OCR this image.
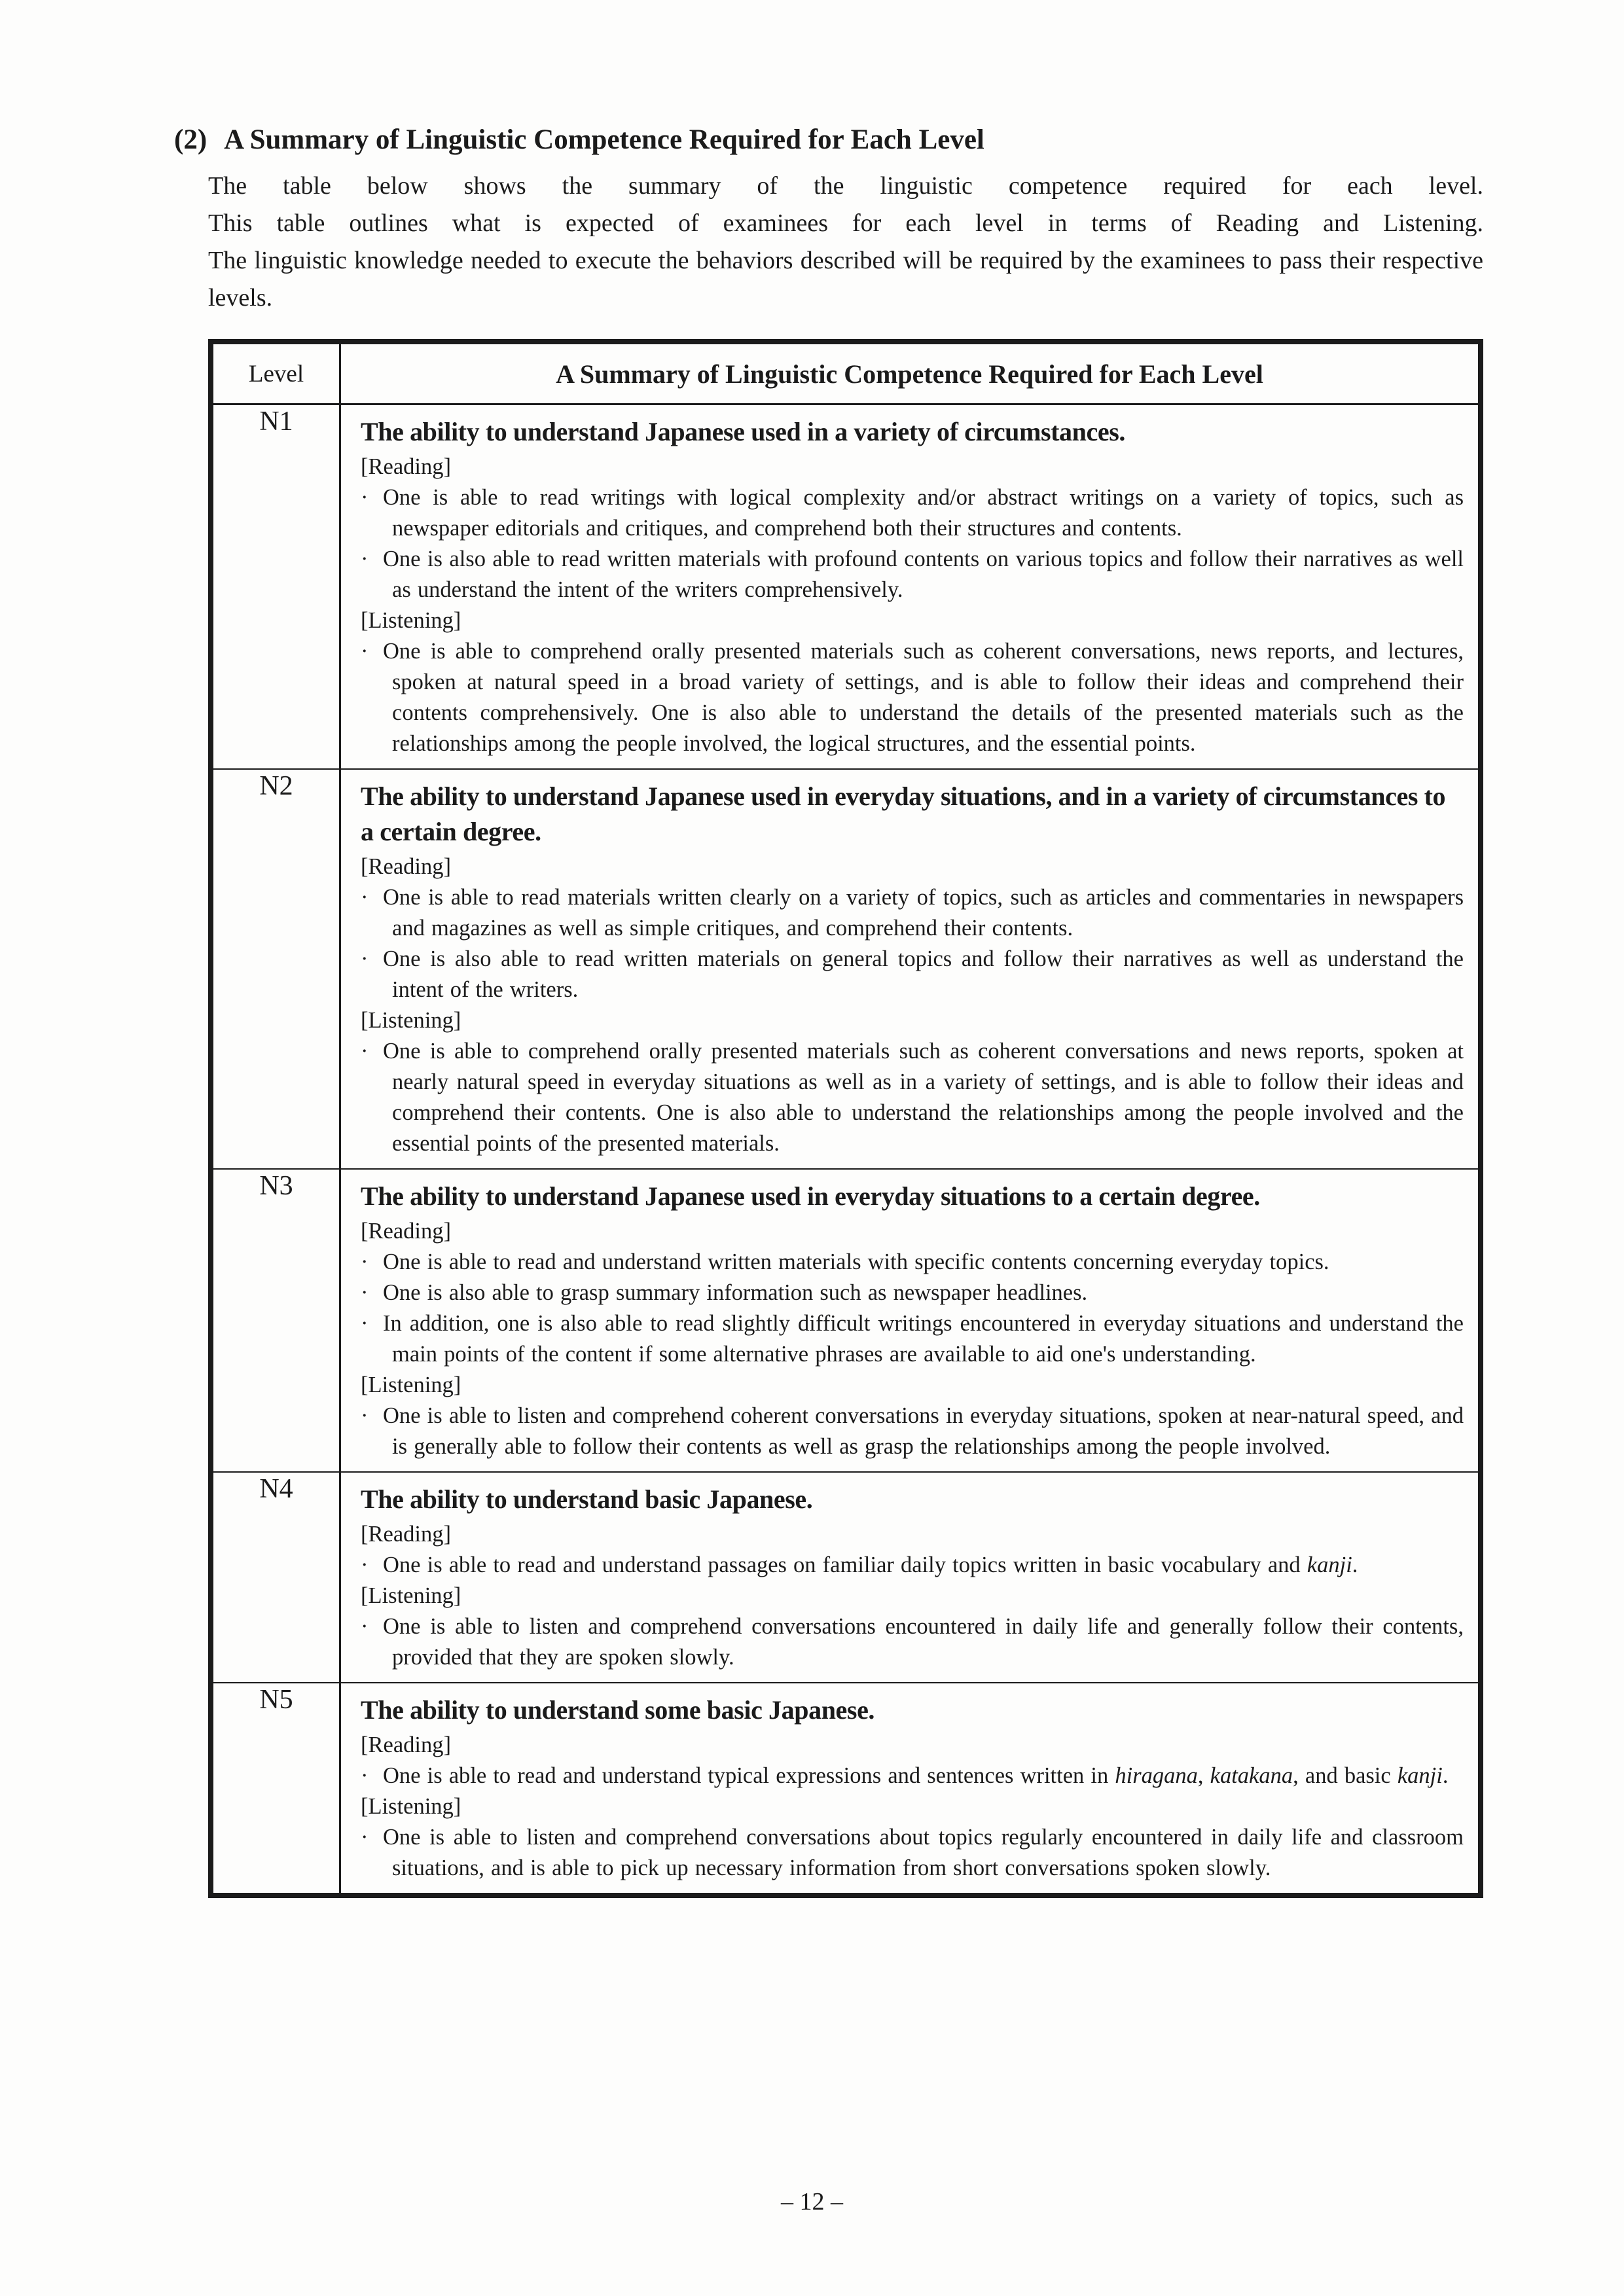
(2) A Summary of Linguistic Competence Required for Each Level

The table below shows the summary of the linguistic competence required for each level.

This table outlines what is expected of examinees for each level in terms of Reading and Listening.

The linguistic knowledge needed to execute the behaviors described will be required by the examinees to pass their respective levels.

Level	A Summary of Linguistic Competence Required for Each Level
N1	The ability to understand Japanese used in a variety of circumstances.
[Reading]
· One is able to read writings with logical complexity and/or abstract writings on a variety of topics, such as newspaper editorials and critiques, and comprehend both their structures and contents.
· One is also able to read written materials with profound contents on various topics and follow their narratives as well as understand the intent of the writers comprehensively.
[Listening]
· One is able to comprehend orally presented materials such as coherent conversations, news reports, and lectures, spoken at natural speed in a broad variety of settings, and is able to follow their ideas and comprehend their contents comprehensively. One is also able to understand the details of the presented materials such as the relationships among the people involved, the logical structures, and the essential points.

N2	The ability to understand Japanese used in everyday situations, and in a variety of circumstances to a certain degree.
[Reading]
· One is able to read materials written clearly on a variety of topics, such as articles and commentaries in newspapers and magazines as well as simple critiques, and comprehend their contents.
· One is also able to read written materials on general topics and follow their narratives as well as understand the intent of the writers.
[Listening]
· One is able to comprehend orally presented materials such as coherent conversations and news reports, spoken at nearly natural speed in everyday situations as well as in a variety of settings, and is able to follow their ideas and comprehend their contents. One is also able to understand the relationships among the people involved and the essential points of the presented materials.

N3	The ability to understand Japanese used in everyday situations to a certain degree.
[Reading]
· One is able to read and understand written materials with specific contents concerning everyday topics.
· One is also able to grasp summary information such as newspaper headlines.
· In addition, one is also able to read slightly difficult writings encountered in everyday situations and understand the main points of the content if some alternative phrases are available to aid one's understanding.
[Listening]
· One is able to listen and comprehend coherent conversations in everyday situations, spoken at near-natural speed, and is generally able to follow their contents as well as grasp the relationships among the people involved.

N4	The ability to understand basic Japanese.
[Reading]
· One is able to read and understand passages on familiar daily topics written in basic vocabulary and kanji.
[Listening]
· One is able to listen and comprehend conversations encountered in daily life and generally follow their contents, provided that they are spoken slowly.

N5	The ability to understand some basic Japanese.
[Reading]
· One is able to read and understand typical expressions and sentences written in hiragana, katakana, and basic kanji.
[Listening]
· One is able to listen and comprehend conversations about topics regularly encountered in daily life and classroom situations, and is able to pick up necessary information from short conversations spoken slowly.
– 12 –
